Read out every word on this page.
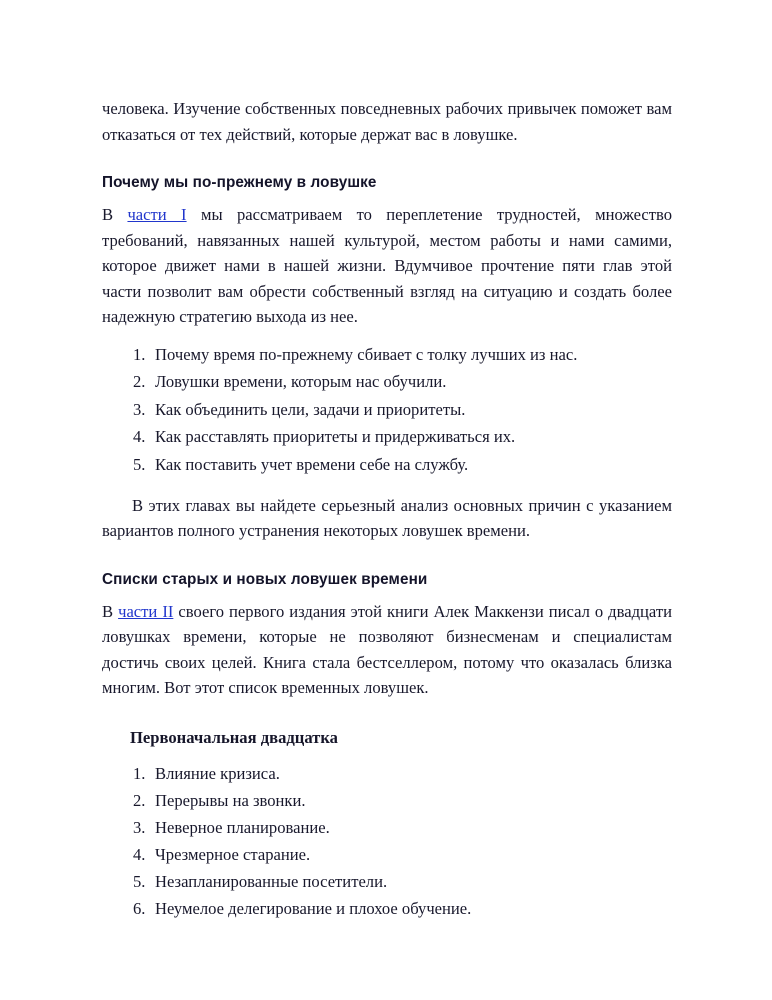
человека. Изучение собственных повседневных рабочих привычек поможет вам отказаться от тех действий, которые держат вас в ловушке.

Почему мы по-прежнему в ловушке

В части I мы рассматриваем то переплетение трудностей, множество требований, навязанных нашей культурой, местом работы и нами самими, которое движет нами в нашей жизни. Вдумчивое прочтение пяти глав этой части позволит вам обрести собственный взгляд на ситуацию и создать более надежную стратегию выхода из нее.

Почему время по-прежнему сбивает с толку лучших из нас.
Ловушки времени, которым нас обучили.
Как объединить цели, задачи и приоритеты.
Как расставлять приоритеты и придерживаться их.
Как поставить учет времени себе на службу.

В этих главах вы найдете серьезный анализ основных причин с указанием вариантов полного устранения некоторых ловушек времени.

Списки старых и новых ловушек времени

В части II своего первого издания этой книги Алек Маккензи писал о двадцати ловушках времени, которые не позволяют бизнесменам и специалистам достичь своих целей. Книга стала бестселлером, потому что оказалась близка многим. Вот этот список временных ловушек.

Первоначальная двадцатка
Влияние кризиса.
Перерывы на звонки.
Неверное планирование.
Чрезмерное старание.
Незапланированные посетители.
Неумелое делегирование и плохое обучение.
